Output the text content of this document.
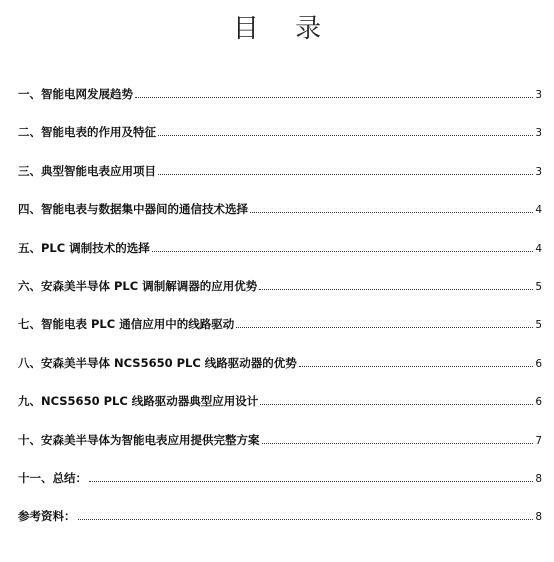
目 录
一、智能电网发展趋势	3
二、智能电表的作用及特征	3
三、典型智能电表应用项目	3
四、智能电表与数据集中器间的通信技术选择	4
五、PLC 调制技术的选择	4
六、安森美半导体 PLC 调制解调器的应用优势	5
七、智能电表 PLC 通信应用中的线路驱动	5
八、安森美半导体 NCS5650 PLC 线路驱动器的优势	6
九、NCS5650 PLC 线路驱动器典型应用设计	6
十、安森美半导体为智能电表应用提供完整方案	7
十一、总结：	8
参考资料：	8
